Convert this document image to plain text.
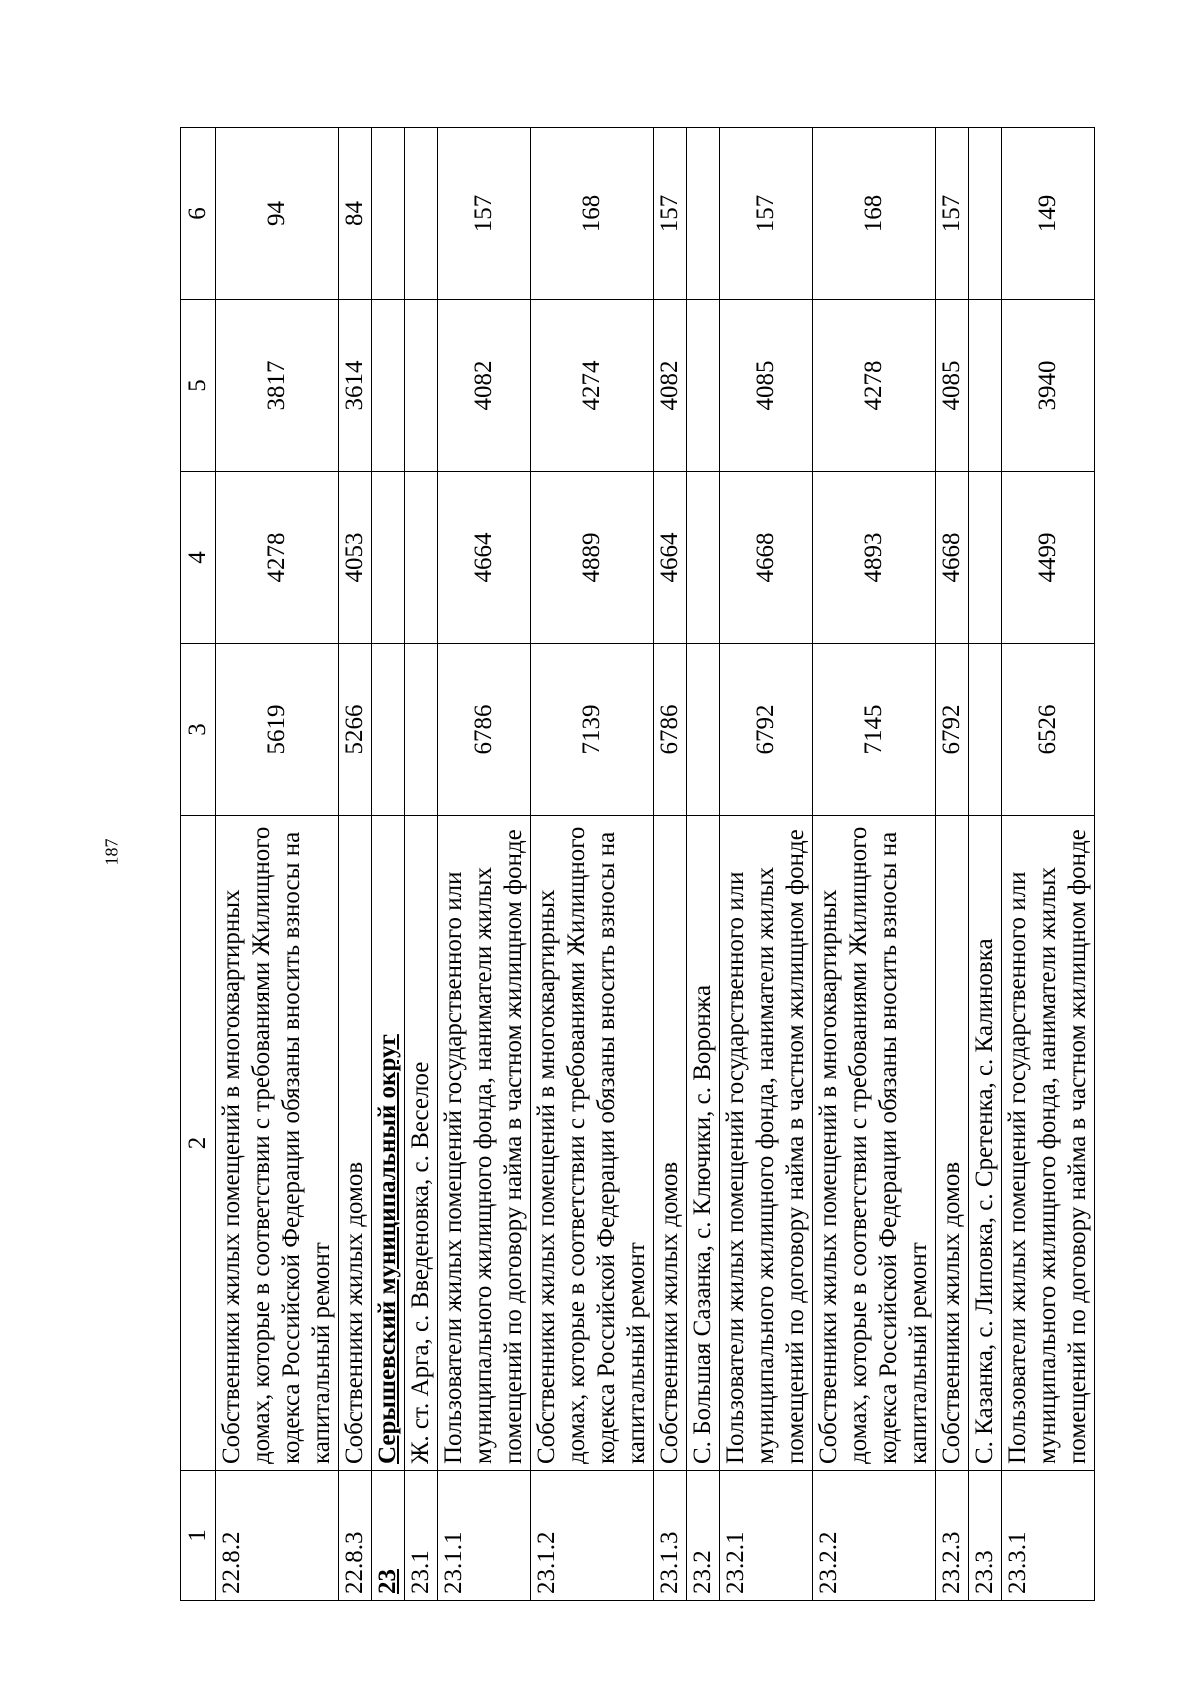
187
1	2	3	4	5	6
22.8.2	Собственники жилых помещений в многоквартирных домах, которые в соответствии с требованиями Жилищного кодекса Российской Федерации обязаны вносить взносы на капитальный ремонт	5619	4278	3817	94
22.8.3	Собственники жилых домов	5266	4053	3614	84
23	Серышевский муниципальный округ				
23.1	Ж. ст. Арга, с. Введеновка, с. Веселое				
23.1.1	Пользователи жилых помещений государственного или муниципального жилищного фонда, наниматели жилых помещений по договору найма в частном жилищном фонде	6786	4664	4082	157
23.1.2	Собственники жилых помещений в многоквартирных домах, которые в соответствии с требованиями Жилищного кодекса Российской Федерации обязаны вносить взносы на капитальный ремонт	7139	4889	4274	168
23.1.3	Собственники жилых домов	6786	4664	4082	157
23.2	С. Большая Сазанка, с. Ключики, с. Воронжа				
23.2.1	Пользователи жилых помещений государственного или муниципального жилищного фонда, наниматели жилых помещений по договору найма в частном жилищном фонде	6792	4668	4085	157
23.2.2	Собственники жилых помещений в многоквартирных домах, которые в соответствии с требованиями Жилищного кодекса Российской Федерации обязаны вносить взносы на капитальный ремонт	7145	4893	4278	168
23.2.3	Собственники жилых домов	6792	4668	4085	157
23.3	С. Казанка, с. Липовка, с. Сретенка, с. Калиновка				
23.3.1	Пользователи жилых помещений государственного или муниципального жилищного фонда, наниматели жилых помещений по договору найма в частном жилищном фонде	6526	4499	3940	149
